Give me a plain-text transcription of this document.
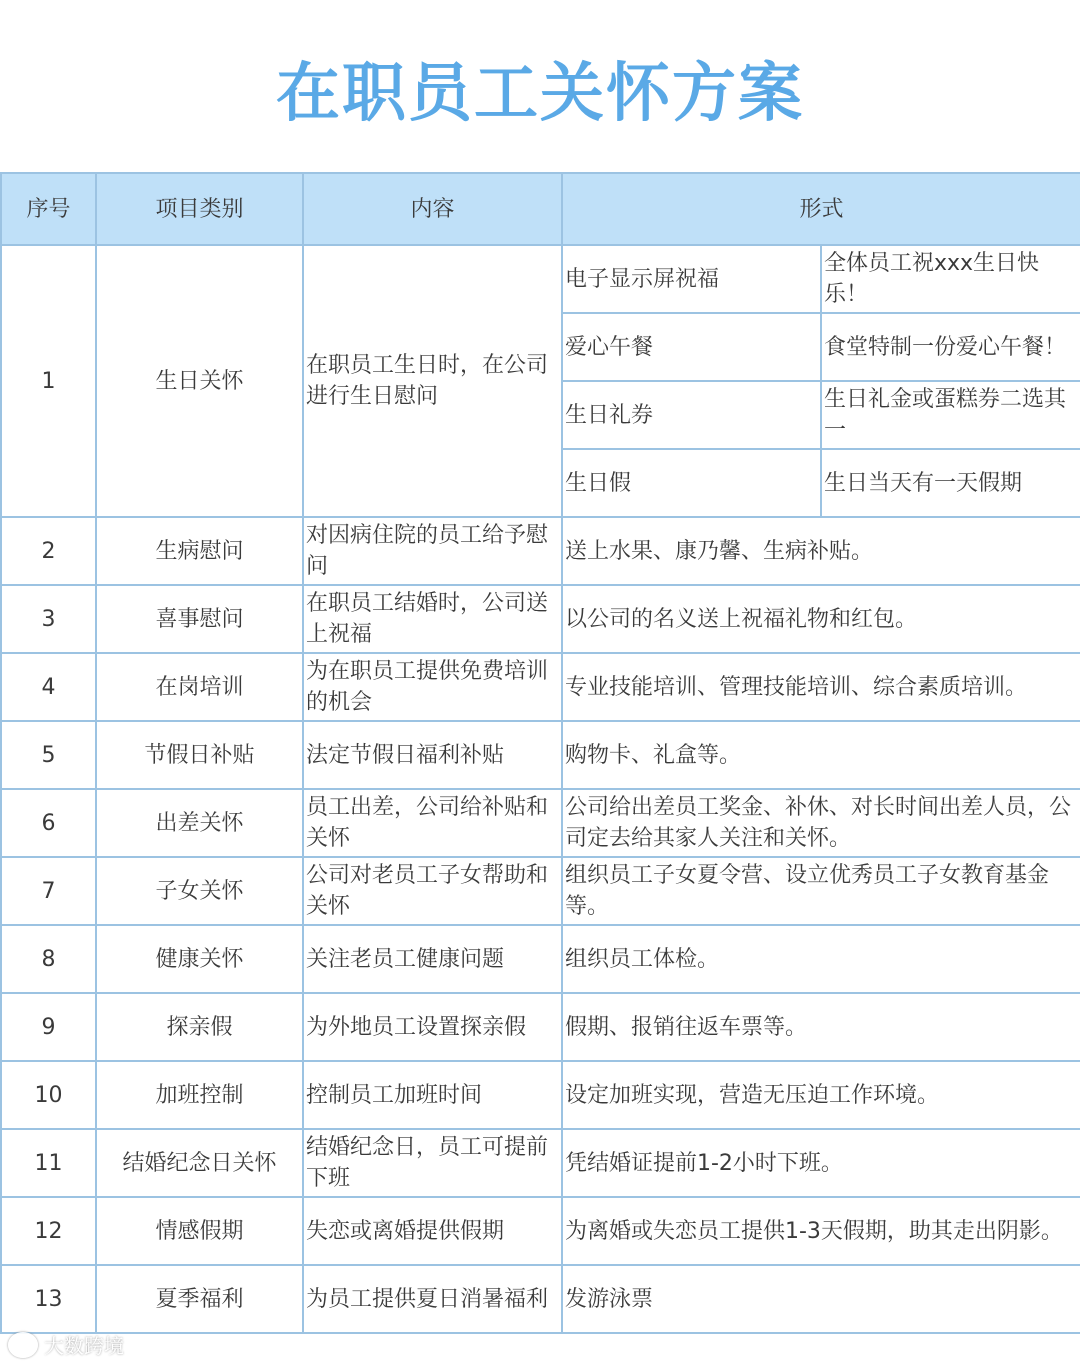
在职员工关怀方案
序号	项目类别	内容	形式	
1	生日关怀	在职员工生日时，在公司进行生日慰问	电子显示屏祝福	全体员工祝xxx生日快乐！
			爱心午餐	食堂特制一份爱心午餐！
			生日礼券	生日礼金或蛋糕券二选其一
			生日假	生日当天有一天假期
2	生病慰问	对因病住院的员工给予慰问	送上水果、康乃馨、生病补贴。	
3	喜事慰问	在职员工结婚时，公司送上祝福	以公司的名义送上祝福礼物和红包。	
4	在岗培训	为在职员工提供免费培训的机会	专业技能培训、管理技能培训、综合素质培训。	
5	节假日补贴	法定节假日福利补贴	购物卡、礼盒等。	
6	出差关怀	员工出差，公司给补贴和关怀	公司给出差员工奖金、补休、对长时间出差人员，公司定去给其家人关注和关怀。	
7	子女关怀	公司对老员工子女帮助和关怀	组织员工子女夏令营、设立优秀员工子女教育基金等。	
8	健康关怀	关注老员工健康问题	组织员工体检。	
9	探亲假	为外地员工设置探亲假	假期、报销往返车票等。	
10	加班控制	控制员工加班时间	设定加班实现，营造无压迫工作环境。	
11	结婚纪念日关怀	结婚纪念日，员工可提前下班	凭结婚证提前1-2小时下班。	
12	情感假期	失恋或离婚提供假期	为离婚或失恋员工提供1-3天假期，助其走出阴影。	
13	夏季福利	为员工提供夏日消暑福利	发游泳票	
大数跨境
